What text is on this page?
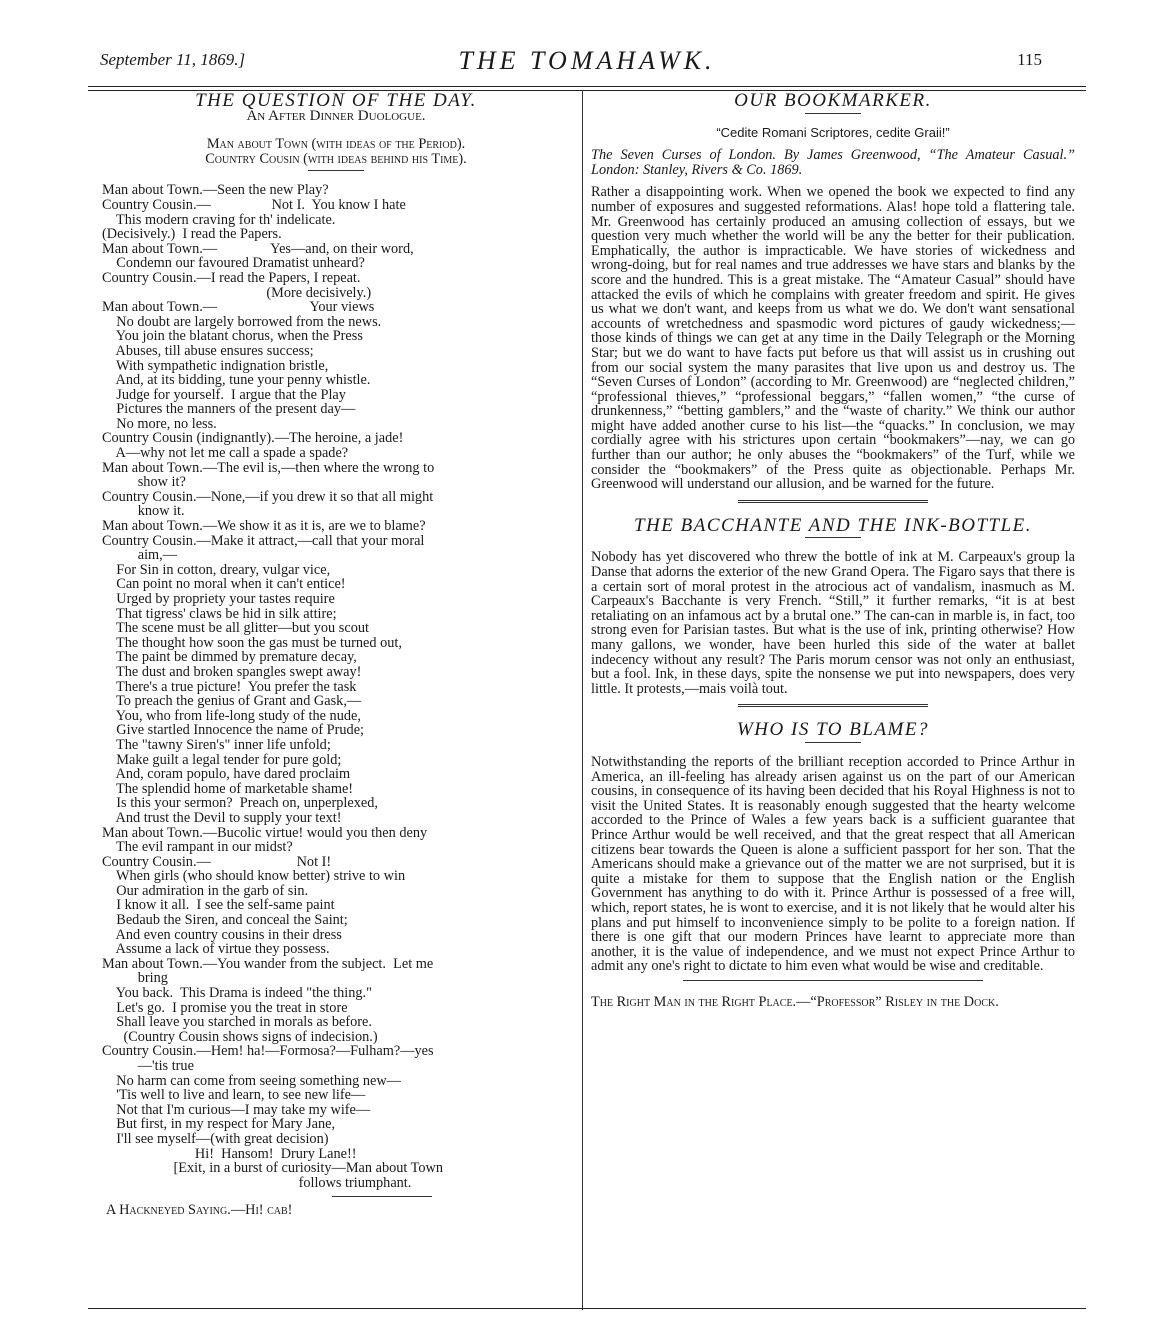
September 11, 1869.]	THE TOMAHAWK.	115
THE QUESTION OF THE DAY.
An After Dinner Duologue.
Man about Town (with ideas of the Period).
Country Cousin (with ideas behind his Time).
Man about Town.—Seen the new Play?
Country Cousin.—                 Not I.  You know I hate
This modern craving for th' indelicate.
(Decisively.)  I read the Papers.
Man about Town.—               Yes—and, on their word,
Condemn our favoured Dramatist unheard?
Country Cousin.—I read the Papers, I repeat.
(More decisively.)
Man about Town.—                          Your views
No doubt are largely borrowed from the news.
You join the blatant chorus, when the Press
Abuses, till abuse ensures success;
With sympathetic indignation bristle,
And, at its bidding, tune your penny whistle.
Judge for yourself.  I argue that the Play
Pictures the manners of the present day—
No more, no less.
Country Cousin (indignantly).—The heroine, a jade!
A—why not let me call a spade a spade?
Man about Town.—The evil is,—then where the wrong to
show it?
Country Cousin.—None,—if you drew it so that all might
know it.
Man about Town.—We show it as it is, are we to blame?
Country Cousin.—Make it attract,—call that your moral
aim,—
For Sin in cotton, dreary, vulgar vice,
Can point no moral when it can't entice!
Urged by propriety your tastes require
That tigress' claws be hid in silk attire;
The scene must be all glitter—but you scout
The thought how soon the gas must be turned out,
The paint be dimmed by premature decay,
The dust and broken spangles swept away!
There's a true picture!  You prefer the task
To preach the genius of Grant and Gask,—
You, who from life-long study of the nude,
Give startled Innocence the name of Prude;
The "tawny Siren's" inner life unfold;
Make guilt a legal tender for pure gold;
And, coram populo, have dared proclaim
The splendid home of marketable shame!
Is this your sermon?  Preach on, unperplexed,
And trust the Devil to supply your text!
Man about Town.—Bucolic virtue! would you then deny
The evil rampant in our midst?
Country Cousin.—                        Not I!
When girls (who should know better) strive to win
Our admiration in the garb of sin.
I know it all.  I see the self-same paint
Bedaub the Siren, and conceal the Saint;
And even country cousins in their dress
Assume a lack of virtue they possess.
Man about Town.—You wander from the subject.  Let me
bring
You back.  This Drama is indeed "the thing."
Let's go.  I promise you the treat in store
Shall leave you starched in morals as before.
(Country Cousin shows signs of indecision.)
Country Cousin.—Hem! ha!—Formosa?—Fulham?—yes
—'tis true
No harm can come from seeing something new—
'Tis well to live and learn, to see new life—
Not that I'm curious—I may take my wife—
But first, in my respect for Mary Jane,
I'll see myself—(with great decision)
Hi!  Hansom!  Drury Lane!!
[Exit, in a burst of curiosity—Man about Town
follows triumphant.
A Hackneyed Saying.—Hi! cab!
OUR BOOKMARKER.
“Cedite Romani Scriptores, cedite Graii!”
The Seven Curses of London. By James Greenwood, “The Amateur Casual.” London: Stanley, Rivers & Co. 1869.
Rather a disappointing work. When we opened the book we expected to find any number of exposures and suggested reformations. Alas! hope told a flattering tale. Mr. Greenwood has certainly produced an amusing collection of essays, but we question very much whether the world will be any the better for their publication. Emphatically, the author is impracticable. We have stories of wickedness and wrong-doing, but for real names and true addresses we have stars and blanks by the score and the hundred. This is a great mistake. The “Amateur Casual” should have attacked the evils of which he complains with greater freedom and spirit. He gives us what we don't want, and keeps from us what we do. We don't want sensational accounts of wretchedness and spasmodic word pictures of gaudy wickedness;—those kinds of things we can get at any time in the Daily Telegraph or the Morning Star; but we do want to have facts put before us that will assist us in crushing out from our social system the many parasites that live upon us and destroy us. The “Seven Curses of London” (according to Mr. Greenwood) are “neglected children,” “professional thieves,” “professional beggars,” “fallen women,” “the curse of drunkenness,” “betting gamblers,” and the “waste of charity.” We think our author might have added another curse to his list—the “quacks.” In conclusion, we may cordially agree with his strictures upon certain “bookmakers”—nay, we can go further than our author; he only abuses the “bookmakers” of the Turf, while we consider the “bookmakers” of the Press quite as objectionable. Perhaps Mr. Greenwood will understand our allusion, and be warned for the future.
THE BACCHANTE AND THE INK-BOTTLE.
Nobody has yet discovered who threw the bottle of ink at M. Carpeaux's group la Danse that adorns the exterior of the new Grand Opera. The Figaro says that there is a certain sort of moral protest in the atrocious act of vandalism, inasmuch as M. Carpeaux's Bacchante is very French. “Still,” it further remarks, “it is at best retaliating on an infamous act by a brutal one.” The can-can in marble is, in fact, too strong even for Parisian tastes. But what is the use of ink, printing otherwise? How many gallons, we wonder, have been hurled this side of the water at ballet indecency without any result? The Paris morum censor was not only an enthusiast, but a fool. Ink, in these days, spite the nonsense we put into newspapers, does very little. It protests,—mais voilà tout.
WHO IS TO BLAME?
Notwithstanding the reports of the brilliant reception accorded to Prince Arthur in America, an ill-feeling has already arisen against us on the part of our American cousins, in consequence of its having been decided that his Royal Highness is not to visit the United States. It is reasonably enough suggested that the hearty welcome accorded to the Prince of Wales a few years back is a sufficient guarantee that Prince Arthur would be well received, and that the great respect that all American citizens bear towards the Queen is alone a sufficient passport for her son. That the Americans should make a grievance out of the matter we are not surprised, but it is quite a mistake for them to suppose that the English nation or the English Government has anything to do with it. Prince Arthur is possessed of a free will, which, report states, he is wont to exercise, and it is not likely that he would alter his plans and put himself to inconvenience simply to be polite to a foreign nation. If there is one gift that our modern Princes have learnt to appreciate more than another, it is the value of independence, and we must not expect Prince Arthur to admit any one's right to dictate to him even what would be wise and creditable.
The Right Man in the Right Place.—“Professor” Risley in the Dock.
